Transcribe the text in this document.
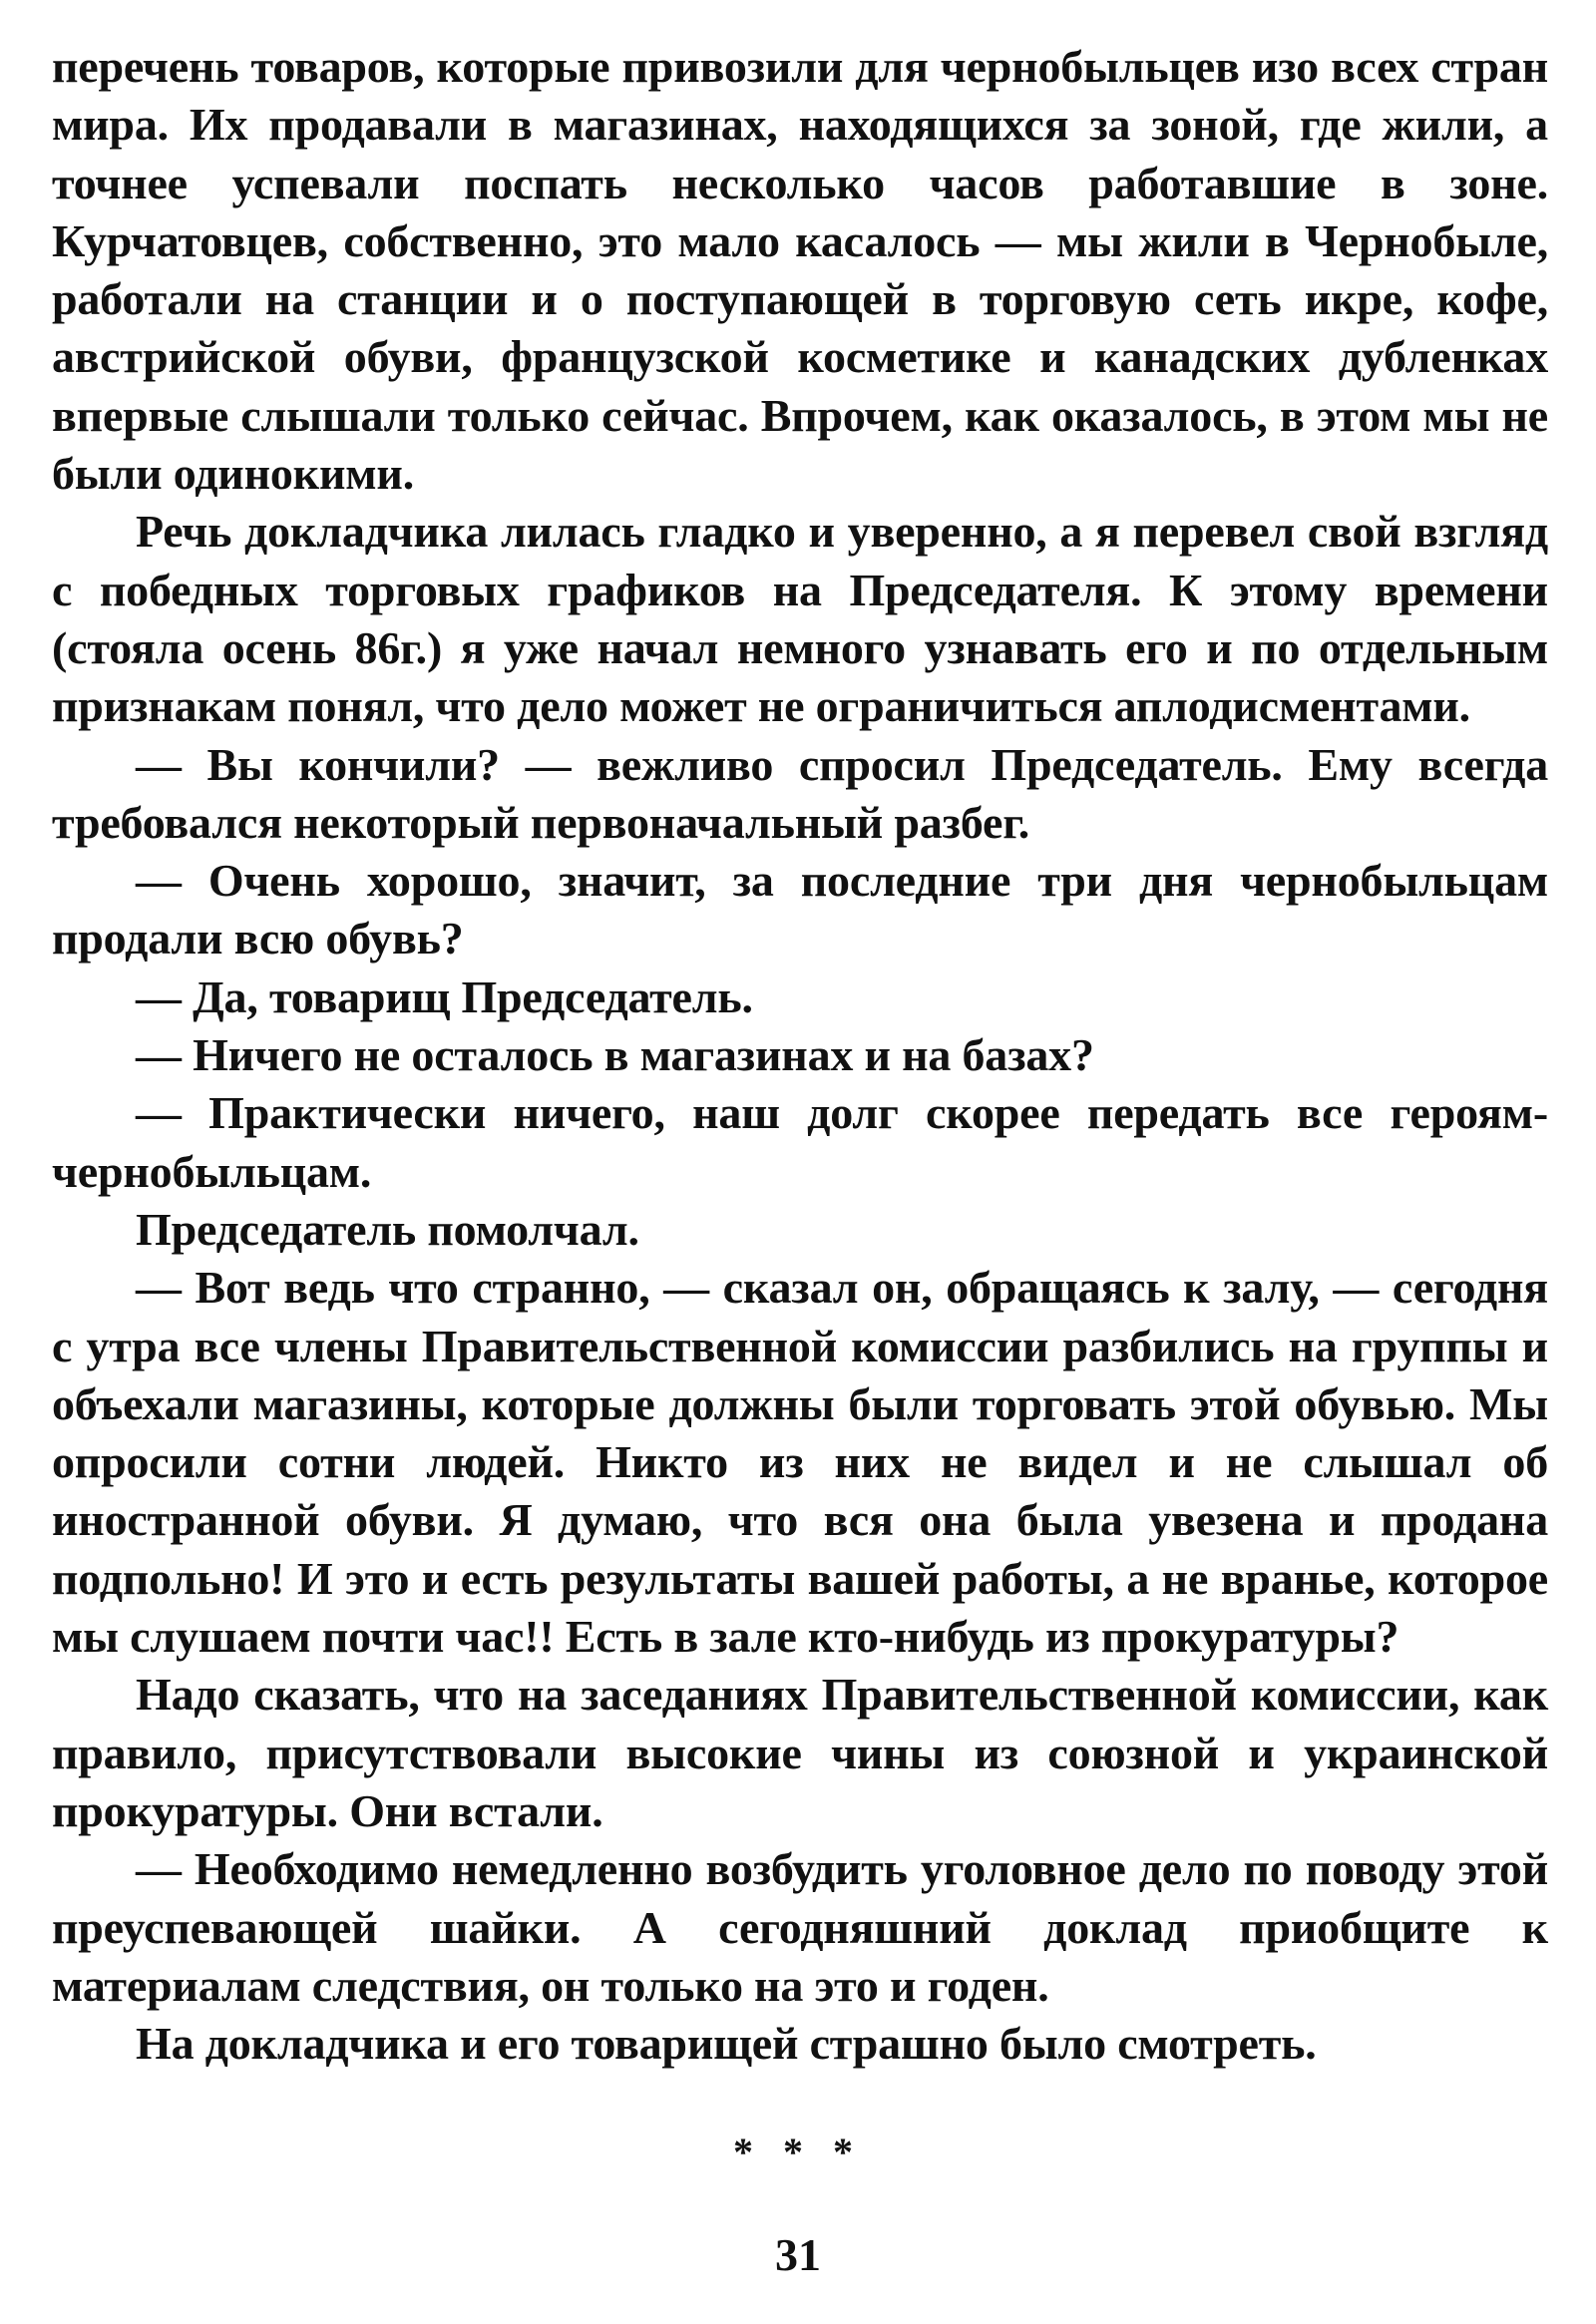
перечень товаров, которые привозили для чернобыльцев изо всех стран мира. Их продавали в магазинах, находящихся за зоной, где жили, а точнее успевали поспать несколько часов работавшие в зоне. Курчатовцев, собственно, это мало касалось — мы жили в Чернобыле, работали на станции и о поступающей в торговую сеть икре, кофе, австрийской обуви, французской косметике и канадских дубленках впервые слышали только сейчас. Впрочем, как оказалось, в этом мы не были одинокими.

Речь докладчика лилась гладко и уверенно, а я перевел свой взгляд с победных торговых графиков на Председателя. К этому времени (стояла осень 86г.) я уже начал немного узнавать его и по отдельным признакам понял, что дело может не ограничиться аплодисментами.

— Вы кончили? — вежливо спросил Председатель. Ему всегда требовался некоторый первоначальный разбег.

— Очень хорошо, значит, за последние три дня чернобыльцам продали всю обувь?

— Да, товарищ Председатель.

— Ничего не осталось в магазинах и на базах?

— Практически ничего, наш долг скорее передать все героям-чернобыльцам.

Председатель помолчал.

— Вот ведь что странно, — сказал он, обращаясь к залу, — сегодня с утра все члены Правительственной комиссии разбились на группы и объехали магазины, которые должны были торговать этой обувью. Мы опросили сотни людей. Никто из них не видел и не слышал об иностранной обуви. Я думаю, что вся она была увезена и продана подпольно! И это и есть результаты вашей работы, а не вранье, которое мы слушаем почти час!! Есть в зале кто-нибудь из прокуратуры?

Надо сказать, что на заседаниях Правительственной комиссии, как правило, присутствовали высокие чины из союзной и украинской прокуратуры. Они встали.

— Необходимо немедленно возбудить уголовное дело по поводу этой преуспевающей шайки. А сегодняшний доклад приобщите к материалам следствия, он только на это и годен.

На докладчика и его товарищей страшно было смотреть.

* * *
31
